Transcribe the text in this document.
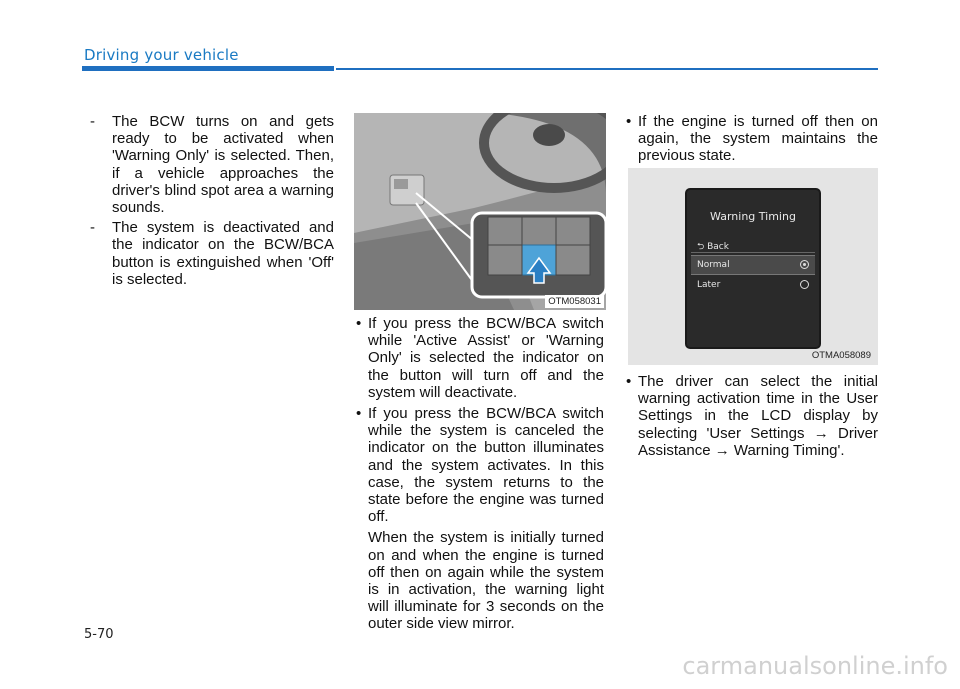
Driving your vehicle
- The BCW turns on and gets ready to be activated when 'Warning Only' is selected. Then, if a vehicle approaches the driver's blind spot area a warning sounds.
- The system is deactivated and the indicator on the BCW/BCA button is extinguished when 'Off' is selected.
OTM058031
• If you press the BCW/BCA switch while 'Active Assist' or 'Warning Only' is selected the indicator on the button will turn off and the system will deactivate.
• If you press the BCW/BCA switch while the system is canceled the indicator on the button illuminates and the system activates. In this case, the system returns to the state before the engine was turned off.

When the system is initially turned on and when the engine is turned off then on again while the system is in activation, the warning light will illuminate for 3 seconds on the outer side view mirror.

• If the engine is turned off then on again, the system maintains the previous state.
Warning Timing
⮌ Back
Normal
Later
OTMA058089
• The driver can select the initial warning activation time in the User Settings in the LCD display by selecting 'User Settings → Driver Assistance → Warning Timing'.
5-70
carmanualsonline.info
